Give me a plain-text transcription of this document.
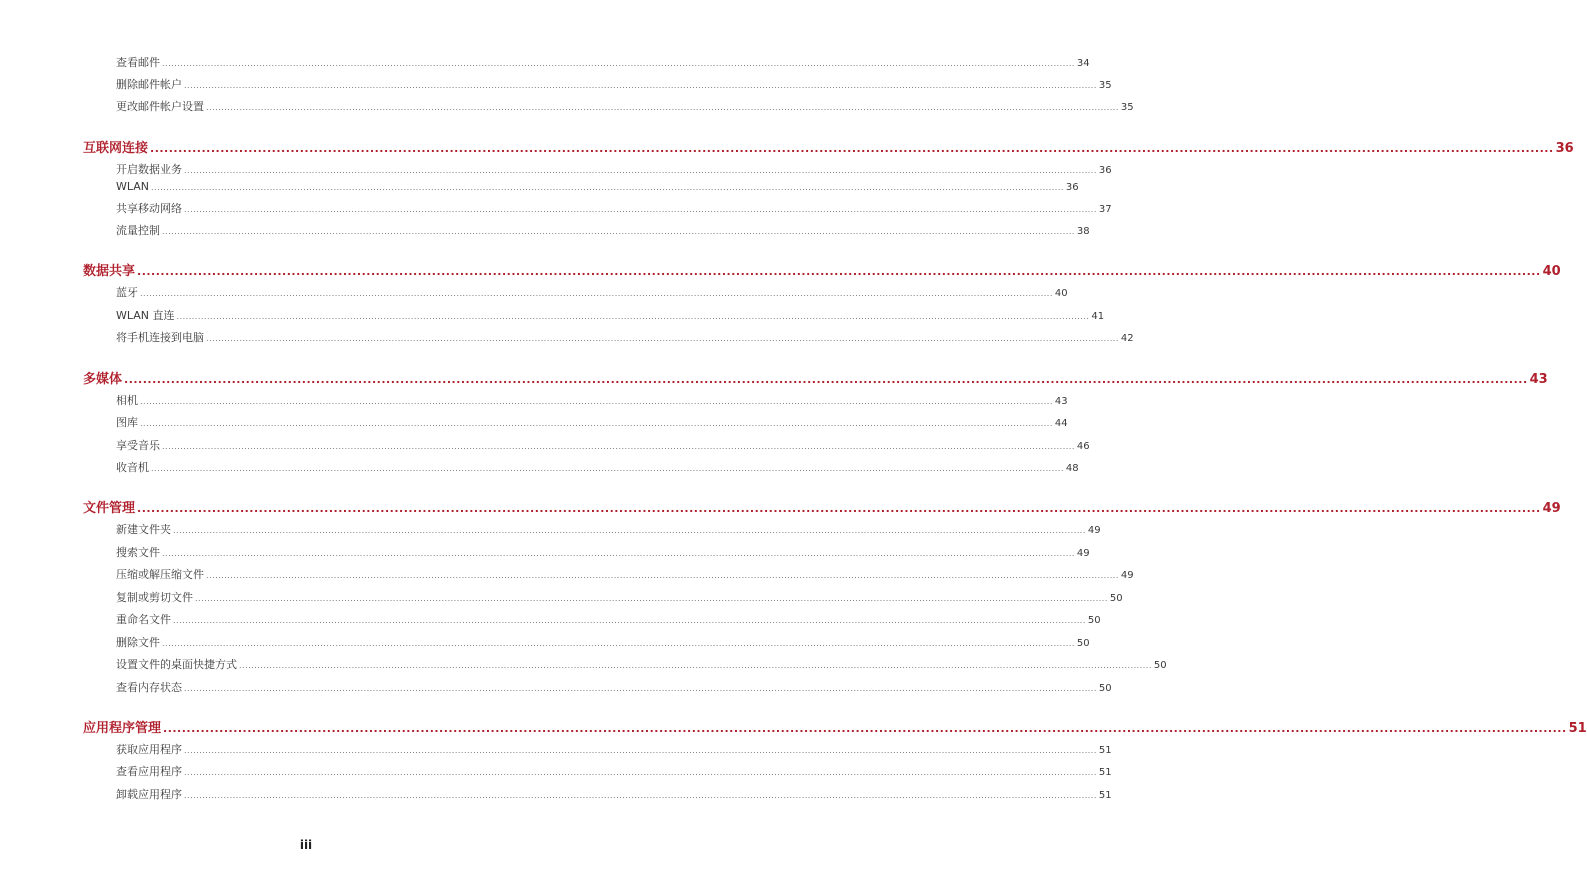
查看邮件 ............................................................................................................................................................................................................................................................................................................ 34
删除邮件帐户 ............................................................................................................................................................................................................................................................................................................ 35
更改邮件帐户设置 ............................................................................................................................................................................................................................................................................................................ 35
互联网连接 ............................................................................................................................................................................................................................................................................................................ 36
开启数据业务 ............................................................................................................................................................................................................................................................................................................ 36
WLAN ............................................................................................................................................................................................................................................................................................................ 36
共享移动网络 ............................................................................................................................................................................................................................................................................................................ 37
流量控制 ............................................................................................................................................................................................................................................................................................................ 38
数据共享 ............................................................................................................................................................................................................................................................................................................ 40
蓝牙 ............................................................................................................................................................................................................................................................................................................ 40
WLAN 直连 ............................................................................................................................................................................................................................................................................................................ 41
将手机连接到电脑 ............................................................................................................................................................................................................................................................................................................ 42
多媒体 ............................................................................................................................................................................................................................................................................................................ 43
相机 ............................................................................................................................................................................................................................................................................................................ 43
图库 ............................................................................................................................................................................................................................................................................................................ 44
享受音乐 ............................................................................................................................................................................................................................................................................................................ 46
收音机 ............................................................................................................................................................................................................................................................................................................ 48
文件管理 ............................................................................................................................................................................................................................................................................................................ 49
新建文件夹 ............................................................................................................................................................................................................................................................................................................ 49
搜索文件 ............................................................................................................................................................................................................................................................................................................ 49
压缩或解压缩文件 ............................................................................................................................................................................................................................................................................................................ 49
复制或剪切文件 ............................................................................................................................................................................................................................................................................................................ 50
重命名文件 ............................................................................................................................................................................................................................................................................................................ 50
删除文件 ............................................................................................................................................................................................................................................................................................................ 50
设置文件的桌面快捷方式 ............................................................................................................................................................................................................................................................................................................ 50
查看内存状态 ............................................................................................................................................................................................................................................................................................................ 50
应用程序管理 ............................................................................................................................................................................................................................................................................................................ 51
获取应用程序 ............................................................................................................................................................................................................................................................................................................ 51
查看应用程序 ............................................................................................................................................................................................................................................................................................................ 51
卸载应用程序 ............................................................................................................................................................................................................................................................................................................ 51
iii
